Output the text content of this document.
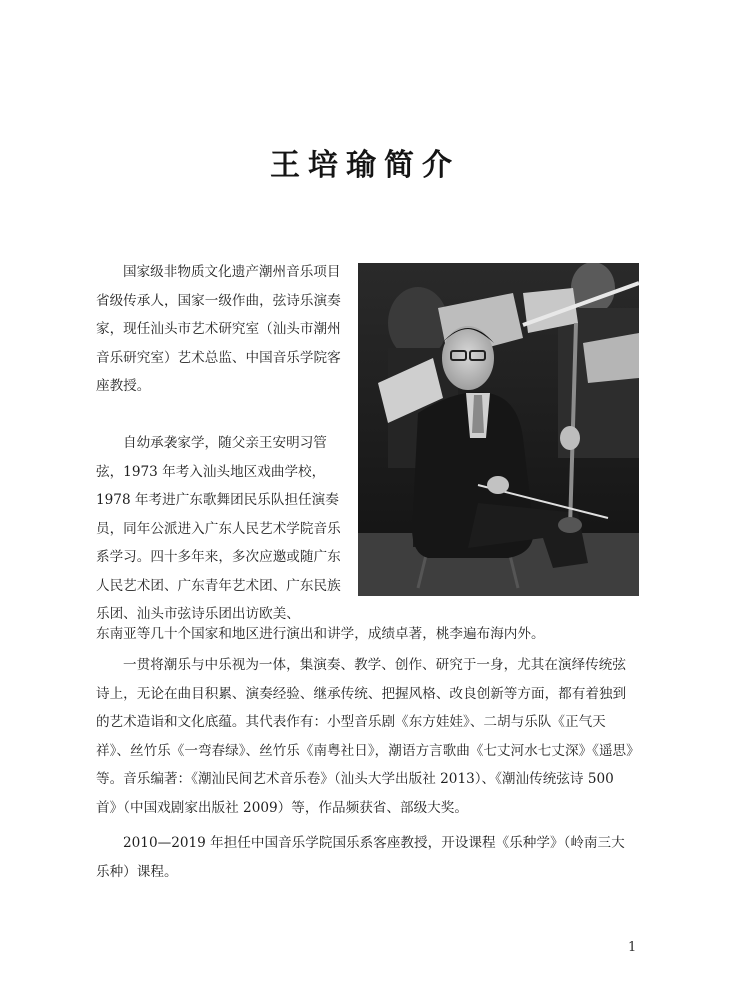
王培瑜简介

国家级非物质文化遗产潮州音乐项目省级传承人，国家一级作曲，弦诗乐演奏家，现任汕头市艺术研究室（汕头市潮州音乐研究室）艺术总监、中国音乐学院客座教授。

自幼承袭家学，随父亲王安明习管弦，1973 年考入汕头地区戏曲学校，1978 年考进广东歌舞团民乐队担任演奏员，同年公派进入广东人民艺术学院音乐系学习。四十多年来，多次应邀或随广东人民艺术团、广东青年艺术团、广东民族乐团、汕头市弦诗乐团出访欧美、

东南亚等几十个国家和地区进行演出和讲学，成绩卓著，桃李遍布海内外。

一贯将潮乐与中乐视为一体，集演奏、教学、创作、研究于一身，尤其在演绎传统弦诗上，无论在曲目积累、演奏经验、继承传统、把握风格、改良创新等方面，都有着独到的艺术造诣和文化底蕴。其代表作有：小型音乐剧《东方娃娃》、二胡与乐队《正气天祥》、丝竹乐《一弯春绿》、丝竹乐《南粤社日》，潮语方言歌曲《七丈河水七丈深》《遥思》等。音乐编著：《潮汕民间艺术音乐卷》（汕头大学出版社 2013）、《潮汕传统弦诗 500 首》（中国戏剧家出版社 2009）等，作品频获省、部级大奖。

2010—2019 年担任中国音乐学院国乐系客座教授，开设课程《乐种学》（岭南三大乐种）课程。

1
